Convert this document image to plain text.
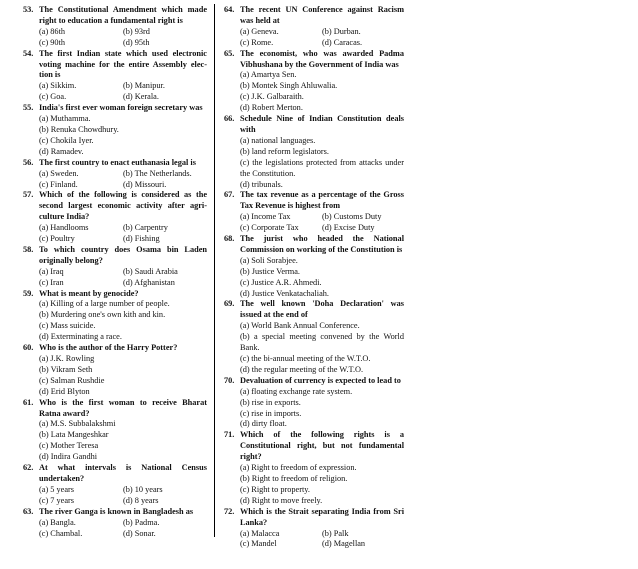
53. The Constitutional Amendment which made right to education a fundamental right is
(a) 86th	(b) 93rd
(c) 90th	(d) 95th
54. The first Indian state which used electronic voting machine for the entire Assembly elec-tion is
(a) Sikkim.	(b) Manipur.
(c) Goa.	(d) Kerala.
55. India's first ever woman foreign secretary was
(a) Muthamma.
(b) Renuka Chowdhury.
(c) Chokila Iyer.
(d) Ramadev.
56. The first country to enact euthanasia legal is
(a) Sweden.	(b) The Netherlands.
(c) Finland.	(d) Missouri.
57. Which of the following is considered as the second largest economic activity after agri-culture India?
(a) Handlooms	(b) Carpentry
(c) Poultry	(d) Fishing
58. To which country does Osama bin Laden originally belong?
(a) Iraq	(b) Saudi Arabia
(c) Iran	(d) Afghanistan
59. What is meant by genocide?
(a) Killing of a large number of people.
(b) Murdering one's own kith and kin.
(c) Mass suicide.
(d) Exterminating a race.
60. Who is the author of the Harry Potter?
(a) J.K. Rowling
(b) Vikram Seth
(c) Salman Rushdie
(d) Erid Blyton
61. Who is the first woman to receive Bharat Ratna award?
(a) M.S. Subbalakshmi
(b) Lata Mangeshkar
(c) Mother Teresa
(d) Indira Gandhi
62. At what intervals is National Census undertaken?
(a) 5 years	(b) 10 years
(c) 7 years	(d) 8 years
63. The river Ganga is known in Bangladesh as
(a) Bangla.	(b) Padma.
(c) Chambal.	(d) Sonar.
64. The recent UN Conference against Racism was held at
(a) Geneva.	(b) Durban.
(c) Rome.	(d) Caracas.
65. The economist, who was awarded Padma Vibhushana by the Government of India was
(a) Amartya Sen.
(b) Montek Singh Ahluwalia.
(c) J.K. Galbaraith.
(d) Robert Merton.
66. Schedule Nine of Indian Constitution deals with
(a) national languages.
(b) land reform legislators.
(c) the legislations protected from attacks under the Constitution.
(d) tribunals.
67. The tax revenue as a percentage of the Gross Tax Revenue is highest from
(a) Income Tax	(b) Customs Duty
(c) Corporate Tax	(d) Excise Duty
68. The jurist who headed the National Commission on working of the Constitution is
(a) Soli Sorabjee.
(b) Justice Verma.
(c) Justice A.R. Ahmedi.
(d) Justice Venkatachaliah.
69. The well known 'Doha Declaration' was issued at the end of
(a) World Bank Annual Conference.
(b) a special meeting convened by the World Bank.
(c) the bi-annual meeting of the W.T.O.
(d) the regular meeting of the W.T.O.
70. Devaluation of currency is expected to lead to
(a) floating exchange rate system.
(b) rise in exports.
(c) rise in imports.
(d) dirty float.
71. Which of the following rights is a Constitutional right, but not fundamental right?
(a) Right to freedom of expression.
(b) Right to freedom of religion.
(c) Right to property.
(d) Right to move freely.
72. Which is the Strait separating India from Sri Lanka?
(a) Malacca	(b) Palk
(c) Mandel	(d) Magellan
